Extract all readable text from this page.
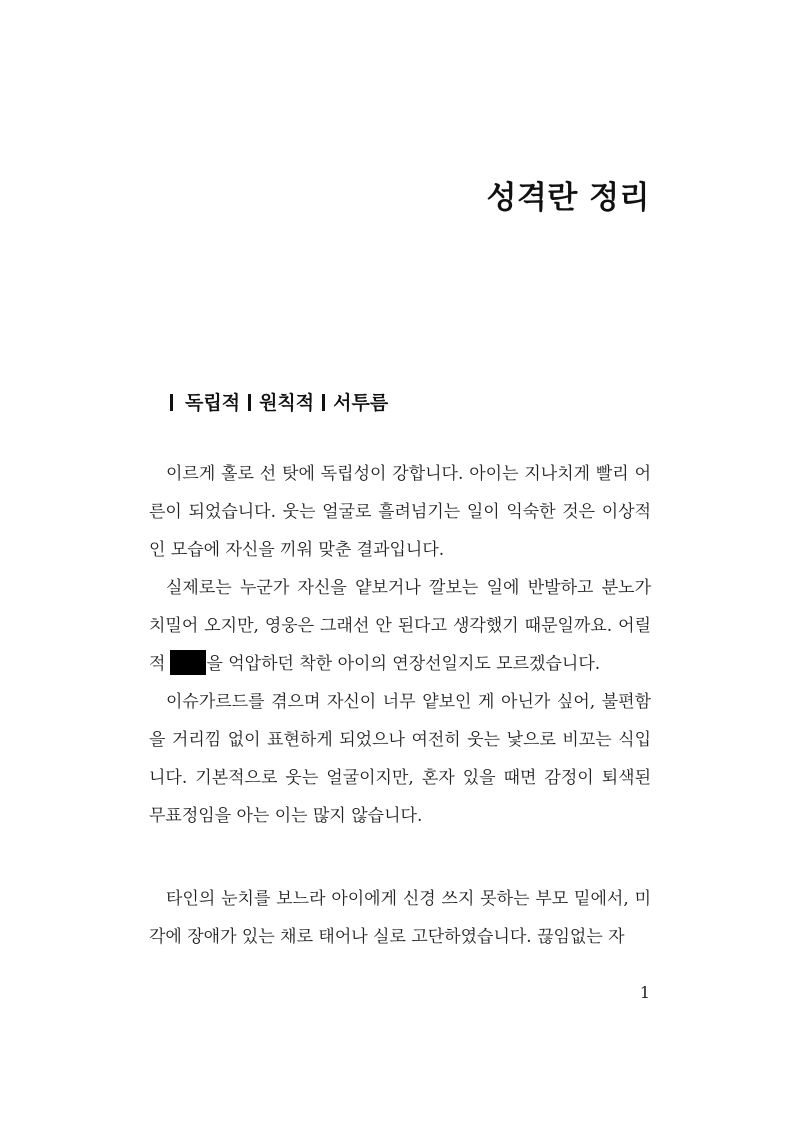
성격란 정리
독립적 원칙적 서투름

이르게 홀로 선 탓에 독립성이 강합니다. 아이는 지나치게 빨리 어른이 되었습니다. 웃는 얼굴로 흘려넘기는 일이 익숙한 것은 이상적인 모습에 자신을 끼워 맞춘 결과입니다.

실제로는 누군가 자신을 얕보거나 깔보는 일에 반발하고 분노가 치밀어 오지만, 영웅은 그래선 안 된다고 생각했기 때문일까요. 어릴 적 을 억압하던 착한 아이의 연장선일지도 모르겠습니다.

이슈가르드를 겪으며 자신이 너무 얕보인 게 아닌가 싶어, 불편함을 거리낌 없이 표현하게 되었으나 여전히 웃는 낯으로 비꼬는 식입니다. 기본적으로 웃는 얼굴이지만, 혼자 있을 때면 감정이 퇴색된 무표정임을 아는 이는 많지 않습니다.

타인의 눈치를 보느라 아이에게 신경 쓰지 못하는 부모 밑에서, 미각에 장애가 있는 채로 태어나 실로 고단하였습니다. 끊임없는 자

1
